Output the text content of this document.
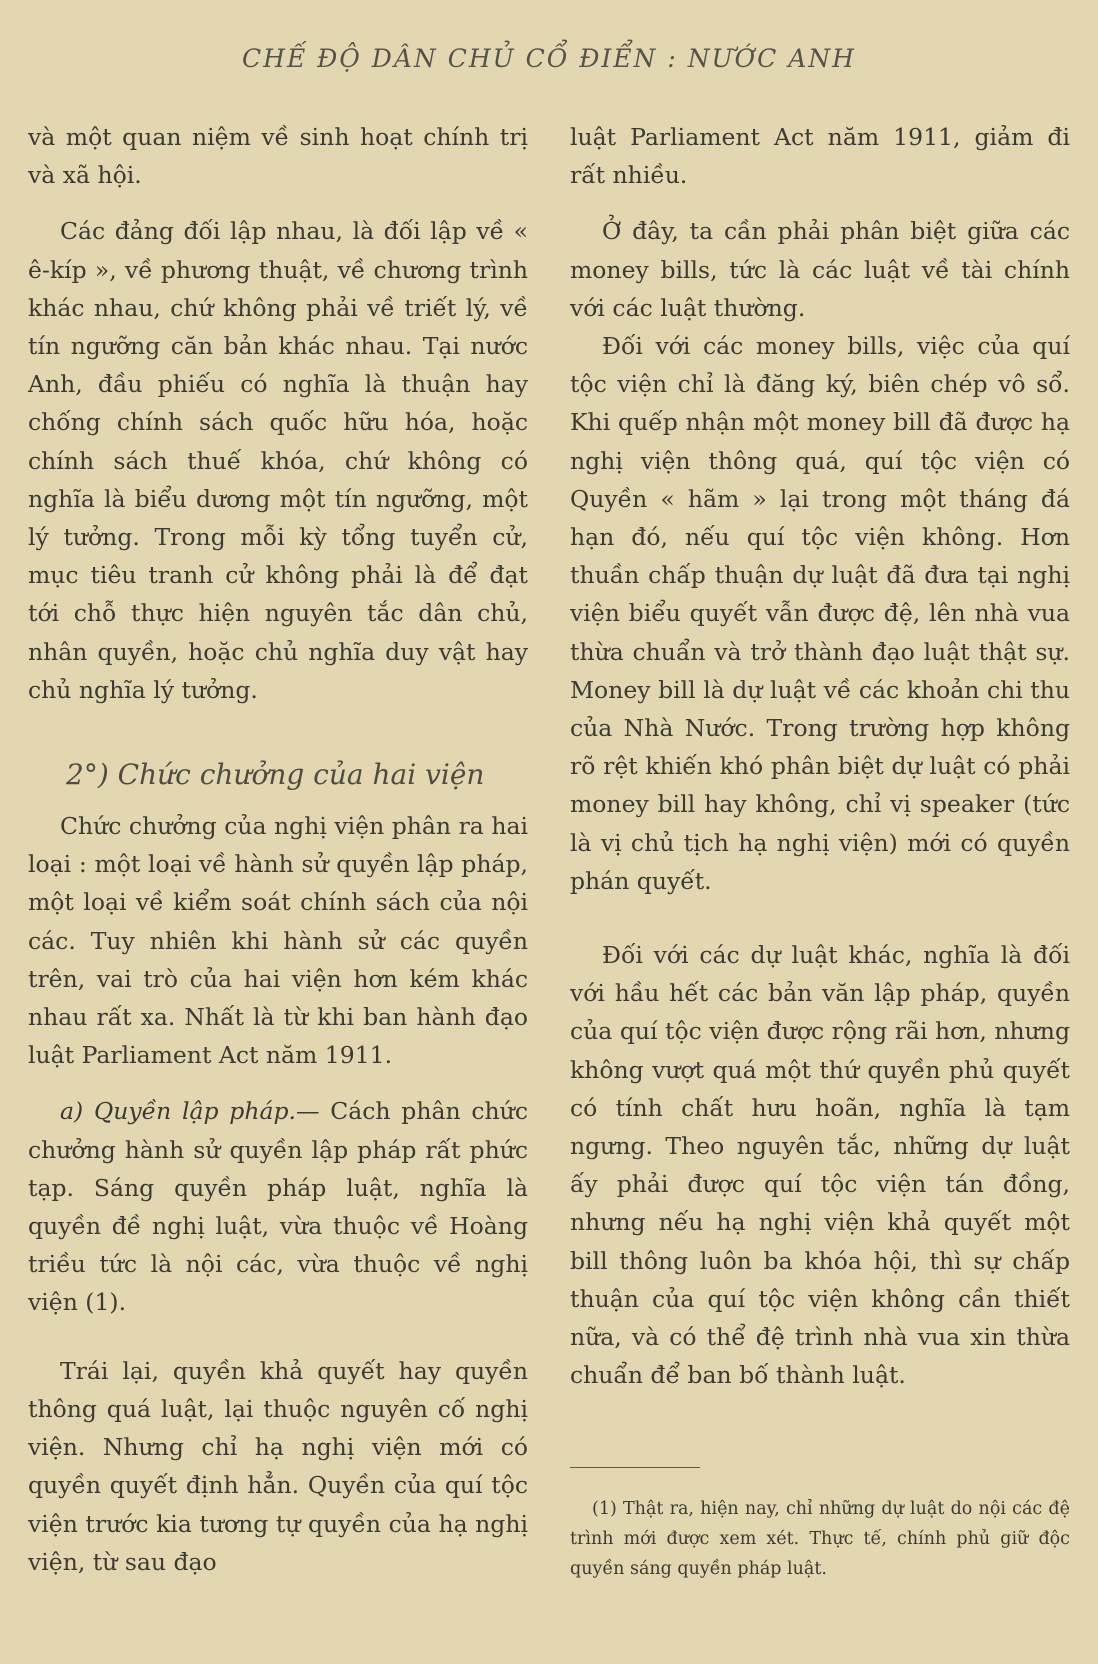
CHẾ ĐỘ DÂN CHỦ CỔ ĐIỂN : NƯỚC ANH

và một quan niệm về sinh hoạt chính trị và xã hội.

Các đảng đối lập nhau, là đối lập về « ê-kíp », về phương thuật, về chương trình khác nhau, chứ không phải về triết lý, về tín ngưỡng căn bản khác nhau. Tại nước Anh, đầu phiếu có nghĩa là thuận hay chống chính sách quốc hữu hóa, hoặc chính sách thuế khóa, chứ không có nghĩa là biểu dương một tín ngưỡng, một lý tưởng. Trong mỗi kỳ tổng tuyển cử, mục tiêu tranh cử không phải là để đạt tới chỗ thực hiện nguyên tắc dân chủ, nhân quyền, hoặc chủ nghĩa duy vật hay chủ nghĩa lý tưởng.

2°) Chức chưởng của hai viện

Chức chưởng của nghị viện phân ra hai loại : một loại về hành sử quyền lập pháp, một loại về kiểm soát chính sách của nội các. Tuy nhiên khi hành sử các quyền trên, vai trò của hai viện hơn kém khác nhau rất xa. Nhất là từ khi ban hành đạo luật Parliament Act năm 1911.

a) Quyền lập pháp.— Cách phân chức chưởng hành sử quyền lập pháp rất phức tạp. Sáng quyền pháp luật, nghĩa là quyền đề nghị luật, vừa thuộc về Hoàng triều tức là nội các, vừa thuộc về nghị viện (1).

Trái lại, quyền khả quyết hay quyền thông quá luật, lại thuộc nguyên cố nghị viện. Nhưng chỉ hạ nghị viện mới có quyền quyết định hẳn. Quyền của quí tộc viện trước kia tương tự quyền của hạ nghị viện, từ sau đạo

luật Parliament Act năm 1911, giảm đi rất nhiều.

Ở đây, ta cần phải phân biệt giữa các money bills, tức là các luật về tài chính với các luật thường.

Đối với các money bills, việc của quí tộc viện chỉ là đăng ký, biên chép vô sổ. Khi quếp nhận một money bill đã được hạ nghị viện thông quá, quí tộc viện có Quyền « hãm » lại trong một tháng đá hạn đó, nếu quí tộc viện không. Hơn thuần chấp thuận dự luật đã đưa tại nghị viện biểu quyết vẫn được đệ, lên nhà vua thừa chuẩn và trở thành đạo luật thật sự. Money bill là dự luật về các khoản chi thu của Nhà Nước. Trong trường hợp không rõ rệt khiến khó phân biệt dự luật có phải money bill hay không, chỉ vị speaker (tức là vị chủ tịch hạ nghị viện) mới có quyền phán quyết.

Đối với các dự luật khác, nghĩa là đối với hầu hết các bản văn lập pháp, quyền của quí tộc viện được rộng rãi hơn, nhưng không vượt quá một thứ quyền phủ quyết có tính chất hưu hoãn, nghĩa là tạm ngưng. Theo nguyên tắc, những dự luật ấy phải được quí tộc viện tán đồng, nhưng nếu hạ nghị viện khả quyết một bill thông luôn ba khóa hội, thì sự chấp thuận của quí tộc viện không cần thiết nữa, và có thể đệ trình nhà vua xin thừa chuẩn để ban bố thành luật.

(1) Thật ra, hiện nay, chỉ những dự luật do nội các đệ trình mới được xem xét. Thực tế, chính phủ giữ độc quyền sáng quyền pháp luật.
